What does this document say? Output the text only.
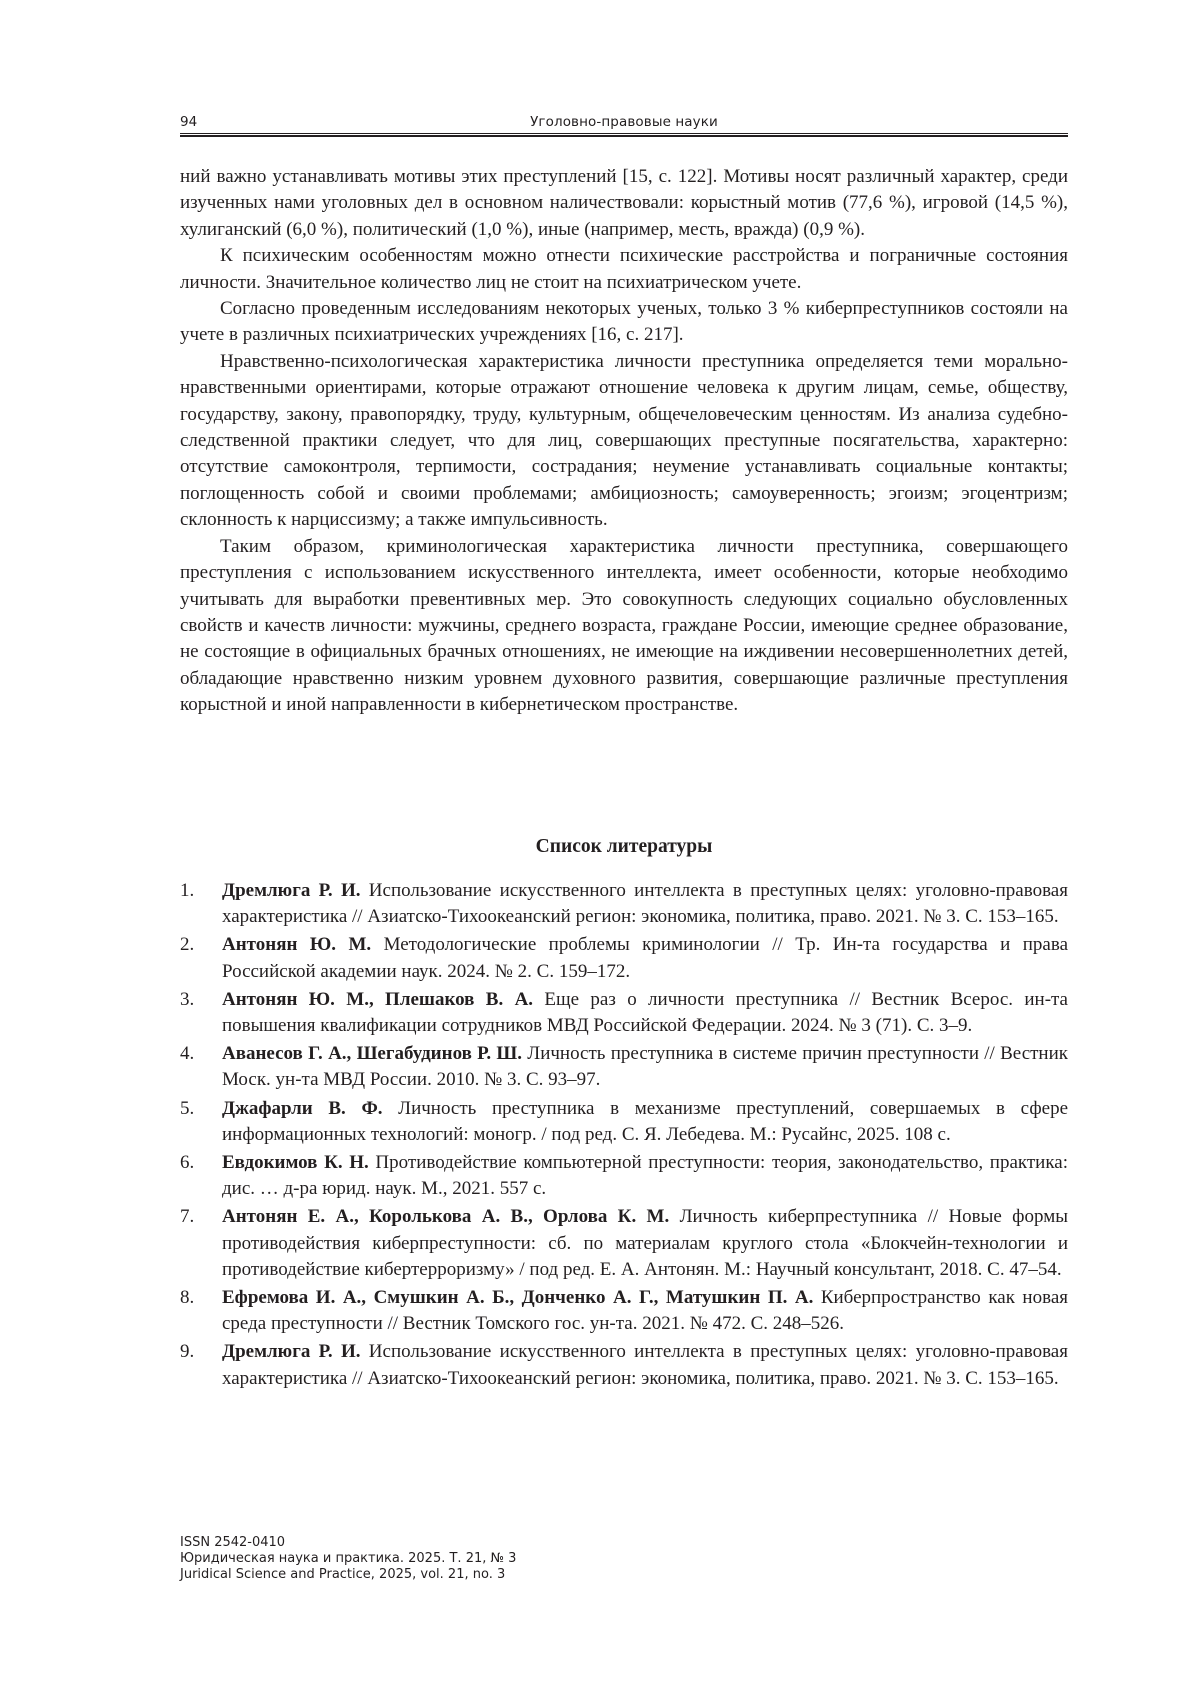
94	Уголовно-правовые науки

ний важно устанавливать мотивы этих преступлений [15, с. 122]. Мотивы носят различный характер, среди изученных нами уголовных дел в основном наличествовали: корыстный мотив (77,6 %), игровой (14,5 %), хулиганский (6,0 %), политический (1,0 %), иные (например, месть, вражда) (0,9 %).

К психическим особенностям можно отнести психические расстройства и пограничные состояния личности. Значительное количество лиц не стоит на психиатрическом учете.

Согласно проведенным исследованиям некоторых ученых, только 3 % киберпреступников состояли на учете в различных психиатрических учреждениях [16, с. 217].

Нравственно-психологическая характеристика личности преступника определяется теми морально-нравственными ориентирами, которые отражают отношение человека к другим лицам, семье, обществу, государству, закону, правопорядку, труду, культурным, общечеловеческим ценностям. Из анализа судебно-следственной практики следует, что для лиц, совершающих преступные посягательства, характерно: отсутствие самоконтроля, терпимости, сострадания; неумение устанавливать социальные контакты; поглощенность собой и своими проблемами; амбициозность; самоуверенность; эгоизм; эгоцентризм; склонность к нарциссизму; а также импульсивность.

Таким образом, криминологическая характеристика личности преступника, совершающего преступления с использованием искусственного интеллекта, имеет особенности, которые необходимо учитывать для выработки превентивных мер. Это совокупность следующих социально обусловленных свойств и качеств личности: мужчины, среднего возраста, граждане России, имеющие среднее образование, не состоящие в официальных брачных отношениях, не имеющие на иждивении несовершеннолетних детей, обладающие нравственно низким уровнем духовного развития, совершающие различные преступления корыстной и иной направленности в кибернетическом пространстве.

Список литературы
1. Дремлюга Р. И. Использование искусственного интеллекта в преступных целях: уголовно-правовая характеристика // Азиатско-Тихоокеанский регион: экономика, политика, право. 2021. № 3. С. 153–165.
2. Антонян Ю. М. Методологические проблемы криминологии // Тр. Ин-та государства и права Российской академии наук. 2024. № 2. С. 159–172.
3. Антонян Ю. М., Плешаков В. А. Еще раз о личности преступника // Вестник Всерос. ин-та повышения квалификации сотрудников МВД Российской Федерации. 2024. № 3 (71). С. 3–9.
4. Аванесов Г. А., Шегабудинов Р. Ш. Личность преступника в системе причин преступности // Вестник Моск. ун-та МВД России. 2010. № 3. С. 93–97.
5. Джафарли В. Ф. Личность преступника в механизме преступлений, совершаемых в сфере информационных технологий: моногр. / под ред. С. Я. Лебедева. М.: Русайнс, 2025. 108 с.
6. Евдокимов К. Н. Противодействие компьютерной преступности: теория, законодательство, практика: дис. … д-ра юрид. наук. М., 2021. 557 с.
7. Антонян Е. А., Королькова А. В., Орлова К. М. Личность киберпреступника // Новые формы противодействия киберпреступности: сб. по материалам круглого стола «Блокчейн-технологии и противодействие кибертерроризму» / под ред. Е. А. Антонян. М.: Научный консультант, 2018. С. 47–54.
8. Ефремова И. А., Смушкин А. Б., Донченко А. Г., Матушкин П. А. Киберпространство как новая среда преступности // Вестник Томского гос. ун-та. 2021. № 472. С. 248–526.
9. Дремлюга Р. И. Использование искусственного интеллекта в преступных целях: уголовно-правовая характеристика // Азиатско-Тихоокеанский регион: экономика, политика, право. 2021. № 3. С. 153–165.
ISSN 2542-0410
Юридическая наука и практика. 2025. Т. 21, № 3
Juridical Science and Practice, 2025, vol. 21, no. 3
